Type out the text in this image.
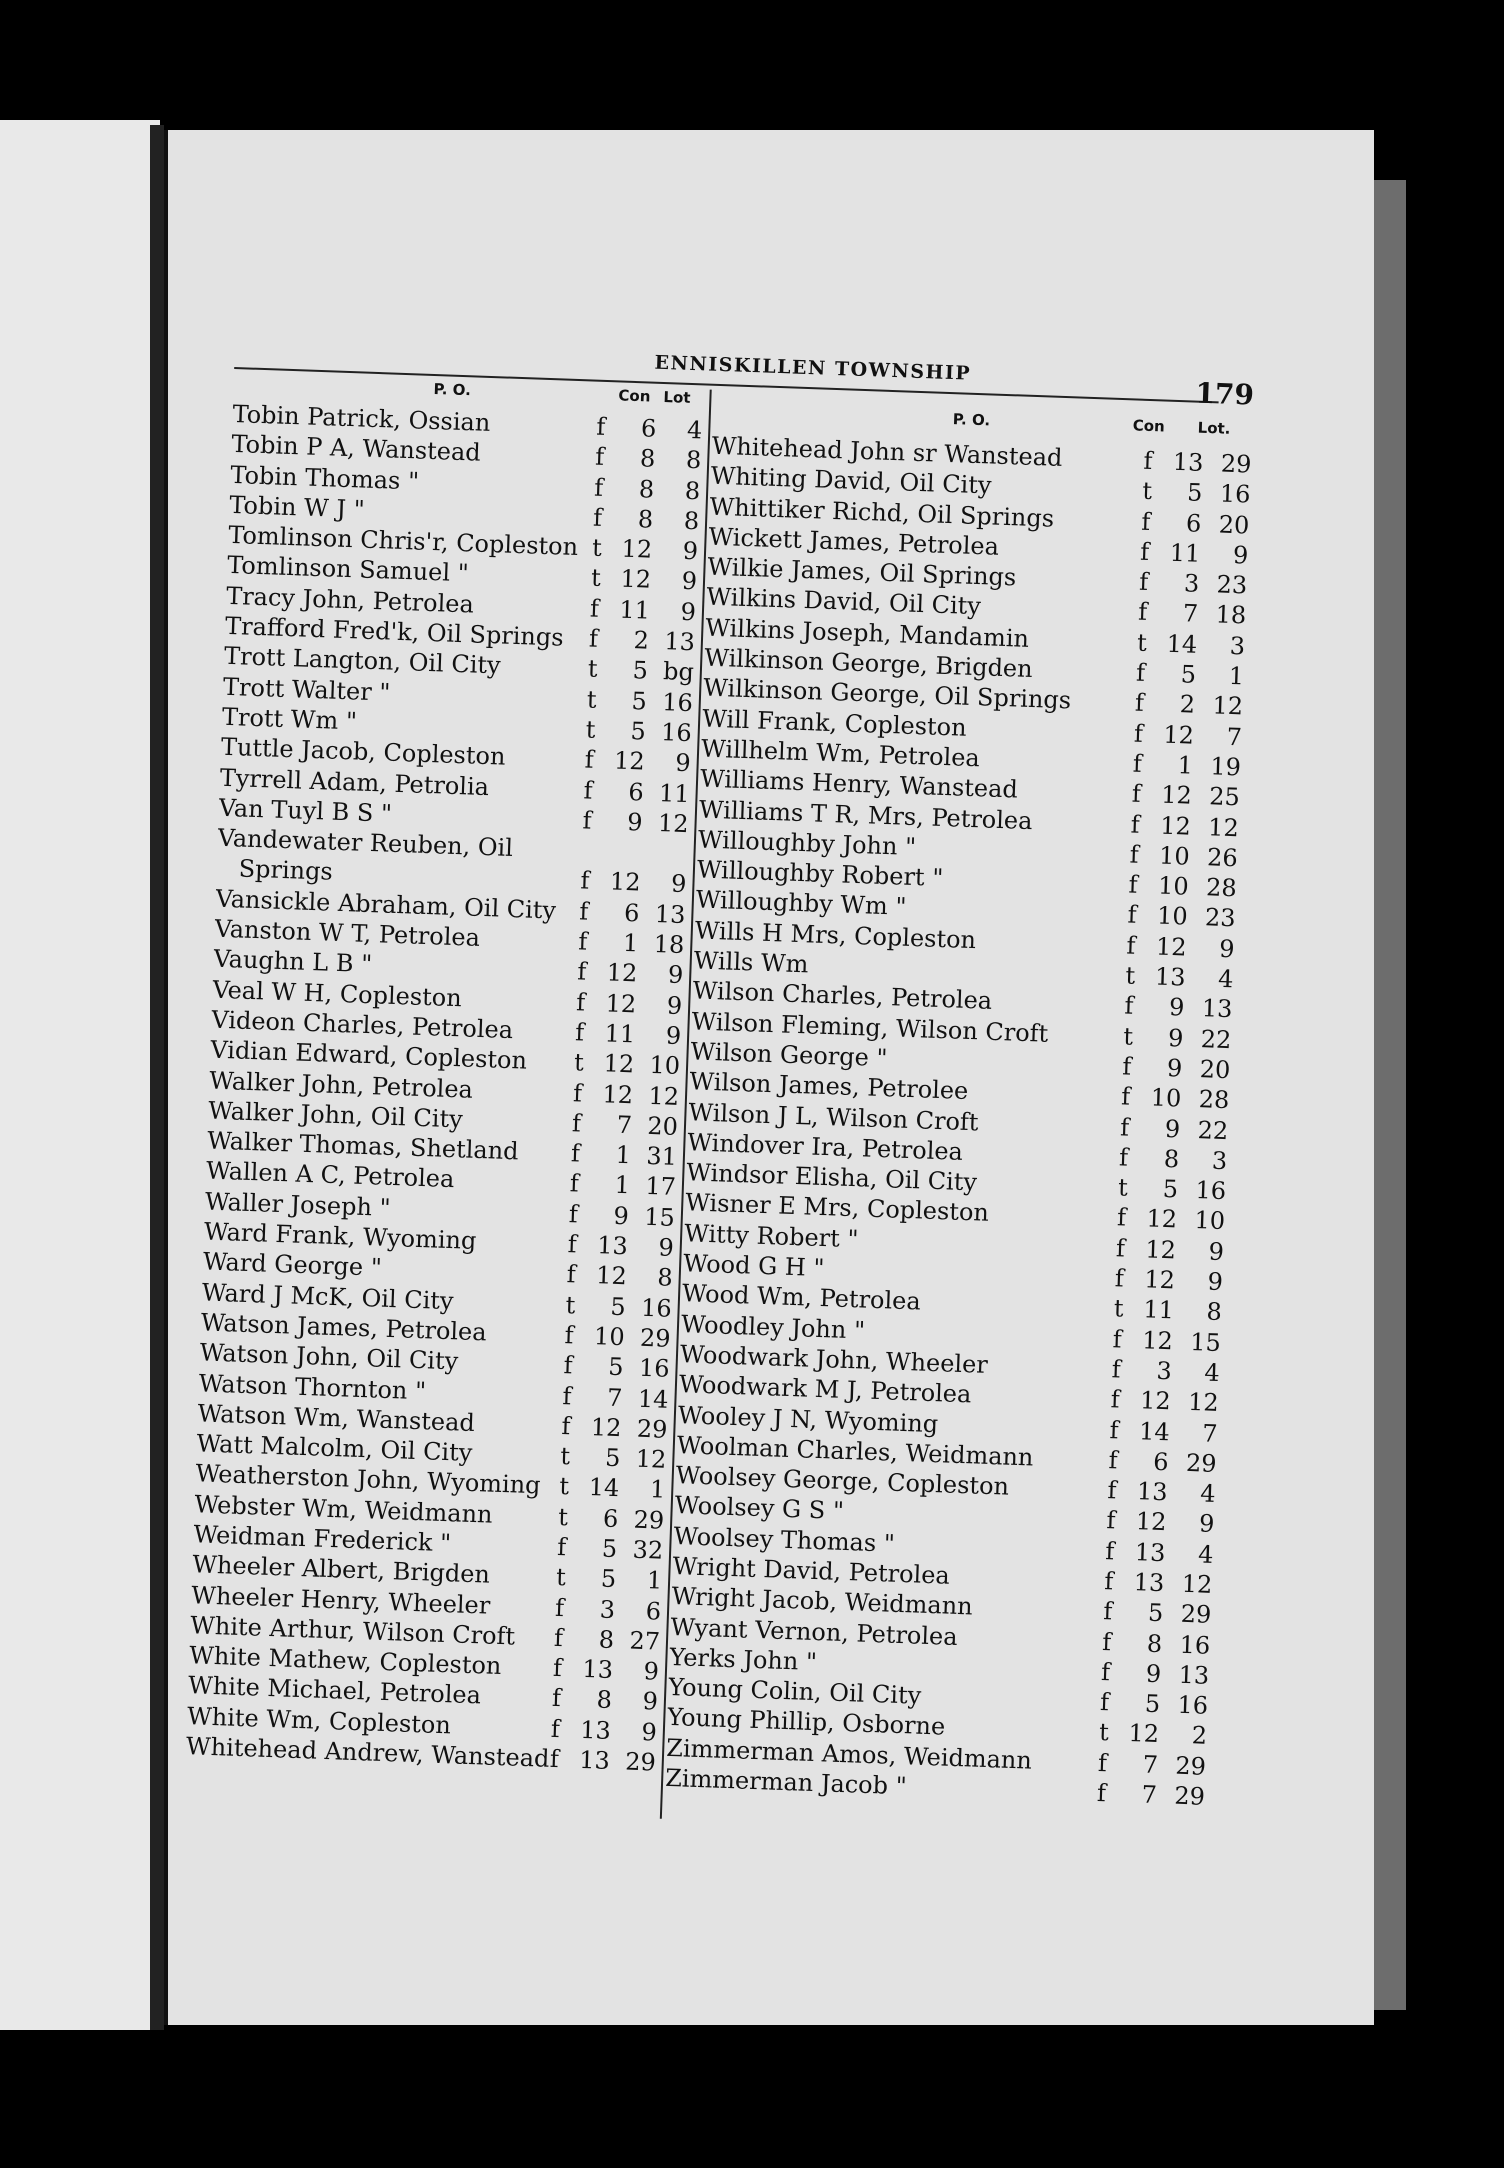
ENNISKILLEN TOWNSHIP
179
P. O.	Con Lot
P. O.	Con Lot.
Tobin Patrick, Ossian	f	6	4
Tobin P A, Wanstead	f	8	8
Tobin Thomas "	f	8	8
Tobin W J "	f	8	8
Tomlinson Chris'r, Copleston t 12	9
Tomlinson Samuel "	t 12	9
Tracy John, Petrolea	f 11	9
Trafford Fred'k, Oil Springs	f	2 13
Trott Langton, Oil City	t	5 bg
Trott Walter "	t	5 16
Trott Wm "	t	5 16
Tuttle Jacob, Copleston	f 12	9
Tyrrell Adam, Petrolia	f	6 11
Van Tuyl B S "	f	9 12
Vandewater Reuben, Oil
Springs	f 12	9
Vansickle Abraham, Oil City f	6 13
Vanston W T, Petrolea	f	1 18
Vaughn L B "	f 12	9
Veal W H, Copleston	f 12	9
Videon Charles, Petrolea	f 11	9
Vidian Edward, Copleston	t 12 10
Walker John, Petrolea	f 12 12
Walker John, Oil City	f	7 20
Walker Thomas, Shetland	f	1 31
Wallen A C, Petrolea	f	1 17
Waller Joseph "	f	9 15
Ward Frank, Wyoming	f 13	9
Ward George "	f 12	8
Ward J McK, Oil City	t	5 16
Watson James, Petrolea	f 10 29
Watson John, Oil City	f	5 16
Watson Thornton "	f	7 14
Watson Wm, Wanstead	f 12 29
Watt Malcolm, Oil City	t	5 12
Weatherston John, Wyoming t 14	1
Webster Wm, Weidmann	t	6 29
Weidman Frederick "	f	5 32
Wheeler Albert, Brigden	t	5	1
Wheeler Henry, Wheeler	f	3	6
White Arthur, Wilson Croft	f	8 27
White Mathew, Copleston	f 13	9
White Michael, Petrolea	f	8	9
White Wm, Copleston	f 13	9
Whitehead Andrew, Wanstead f 13 29
Whitehead John sr Wanstead	f 13 29
Whiting David, Oil City	t	5 16
Whittiker Richd, Oil Springs	f	6 20
Wickett James, Petrolea	f 11	9
Wilkie James, Oil Springs	f	3 23
Wilkins David, Oil City	f	7 18
Wilkins Joseph, Mandamin	t 14	3
Wilkinson George, Brigden	f	5	1
Wilkinson George, Oil Springs	f	2 12
Will Frank, Copleston	f 12	7
Willhelm Wm, Petrolea	f	1 19
Williams Henry, Wanstead	f 12 25
Williams T R, Mrs, Petrolea	f 12 12
Willoughby John "	f 10 26
Willoughby Robert "	f 10 28
Willoughby Wm "	f 10 23
Wills H Mrs, Copleston	f 12	9
Wills Wm	t 13	4
Wilson Charles, Petrolea	f	9 13
Wilson Fleming, Wilson Croft	t	9 22
Wilson George "	f	9 20
Wilson James, Petrolee	f 10 28
Wilson J L, Wilson Croft	f	9 22
Windover Ira, Petrolea	f	8	3
Windsor Elisha, Oil City	t	5 16
Wisner E Mrs, Copleston	f 12 10
Witty Robert "	f 12	9
Wood G H "	f 12	9
Wood Wm, Petrolea	t 11	8
Woodley John "	f 12 15
Woodwark John, Wheeler	f	3	4
Woodwark M J, Petrolea	f 12 12
Wooley J N, Wyoming	f 14	7
Woolman Charles, Weidmann	f	6 29
Woolsey George, Copleston	f 13	4
Woolsey G S "	f 12	9
Woolsey Thomas "	f 13	4
Wright David, Petrolea	f 13 12
Wright Jacob, Weidmann	f	5 29
Wyant Vernon, Petrolea	f	8 16
Yerks John "	f	9 13
Young Colin, Oil City	f	5 16
Young Phillip, Osborne	t 12	2
Zimmerman Amos, Weidmann	f	7 29
Zimmerman Jacob "	f	7 29
